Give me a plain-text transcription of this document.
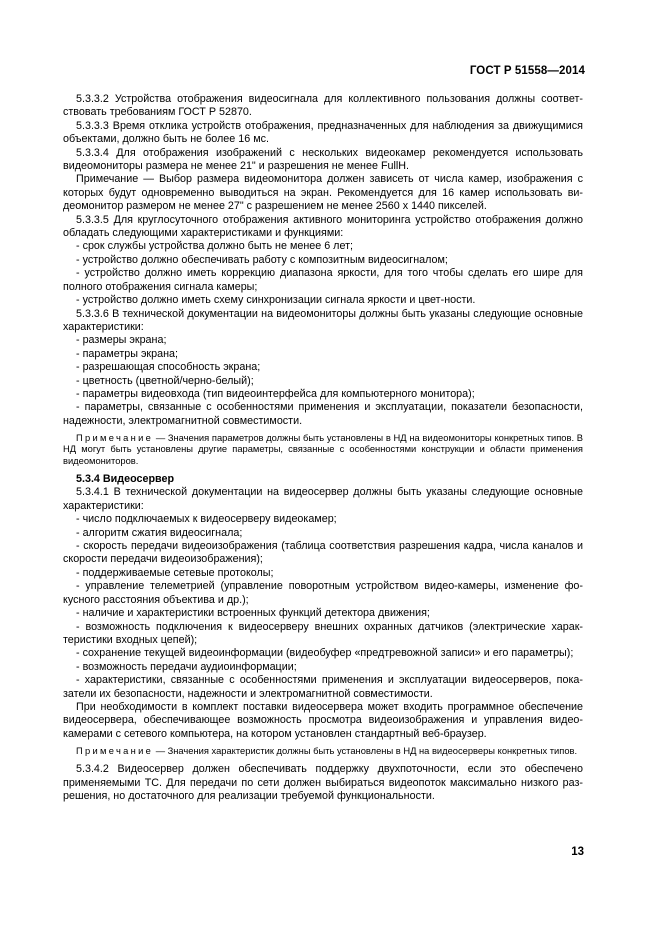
ГОСТ Р 51558—2014

5.3.3.2 Устройства отображения видеосигнала для коллективного пользования должны соответствовать требованиям ГОСТ Р 52870.

5.3.3.3 Время отклика устройств отображения, предназначенных для наблюдения за движущимися объектами, должно быть не более 16 мс.

5.3.3.4 Для отображения изображений с нескольких видеокамер рекомендуется использовать видеомониторы размера не менее 21" и разрешения не менее FullH.

Примечание — Выбор размера видеомонитора должен зависеть от числа камер, изображения с которых будут одновременно выводиться на экран. Рекомендуется для 16 камер использовать видеомонитор размером не менее 27" с разрешением не менее 2560 x 1440 пикселей.

5.3.3.5 Для круглосуточного отображения активного мониторинга устройство отображения должно обладать следующими характеристиками и функциями:

- срок службы устройства должно быть не менее 6 лет;

- устройство должно обеспечивать работу с композитным видеосигналом;

- устройство должно иметь коррекцию диапазона яркости, для того чтобы сделать его шире для полного отображения сигнала камеры;

- устройство должно иметь схему синхронизации сигнала яркости и цвет-ности.

5.3.3.6 В технической документации на видеомониторы должны быть указаны следующие основные характеристики:

- размеры экрана;

- параметры экрана;

- разрешающая способность экрана;

- цветность (цветной/черно-белый);

- параметры видеовхода (тип видеоинтерфейса для компьютерного монитора);

- параметры, связанные с особенностями применения и эксплуатации, показатели безопасности, надежности, электромагнитной совместимости.

Примечание — Значения параметров должны быть установлены в НД на видеомониторы конкретных типов. В НД могут быть установлены другие параметры, связанные с особенностями конструкции и области применения видеомониторов.

5.3.4 Видеосервер

5.3.4.1 В технической документации на видеосервер должны быть указаны следующие основные характеристики:

- число подключаемых к видеосерверу видеокамер;

- алгоритм сжатия видеосигнала;

- скорость передачи видеоизображения (таблица соответствия разрешения кадра, числа каналов и скорости передачи видеоизображения);

- поддерживаемые сетевые протоколы;

- управление телеметрией (управление поворотным устройством видео-камеры, изменение фокусного расстояния объектива и др.);

- наличие и характеристики встроенных функций детектора движения;

- возможность подключения к видеосерверу внешних охранных датчиков (электрические характеристики входных цепей);

- сохранение текущей видеоинформации (видеобуфер «предтревожной записи» и его параметры);

- возможность передачи аудиоинформации;

- характеристики, связанные с особенностями применения и эксплуатации видеосерверов, показатели их безопасности, надежности и электромагнитной совместимости.

При необходимости в комплект поставки видеосервера может входить программное обеспечение видеосервера, обеспечивающее возможность просмотра видеоизображения и управления видеокамерами с сетевого компьютера, на котором установлен стандартный веб-браузер.

Примечание — Значения характеристик должны быть установлены в НД на видеосерверы конкретных типов.

5.3.4.2 Видеосервер должен обеспечивать поддержку двухпоточности, если это обеспечено применяемыми ТС. Для передачи по сети должен выбираться видеопоток максимально низкого разрешения, но достаточного для реализации требуемой функциональности.

13
